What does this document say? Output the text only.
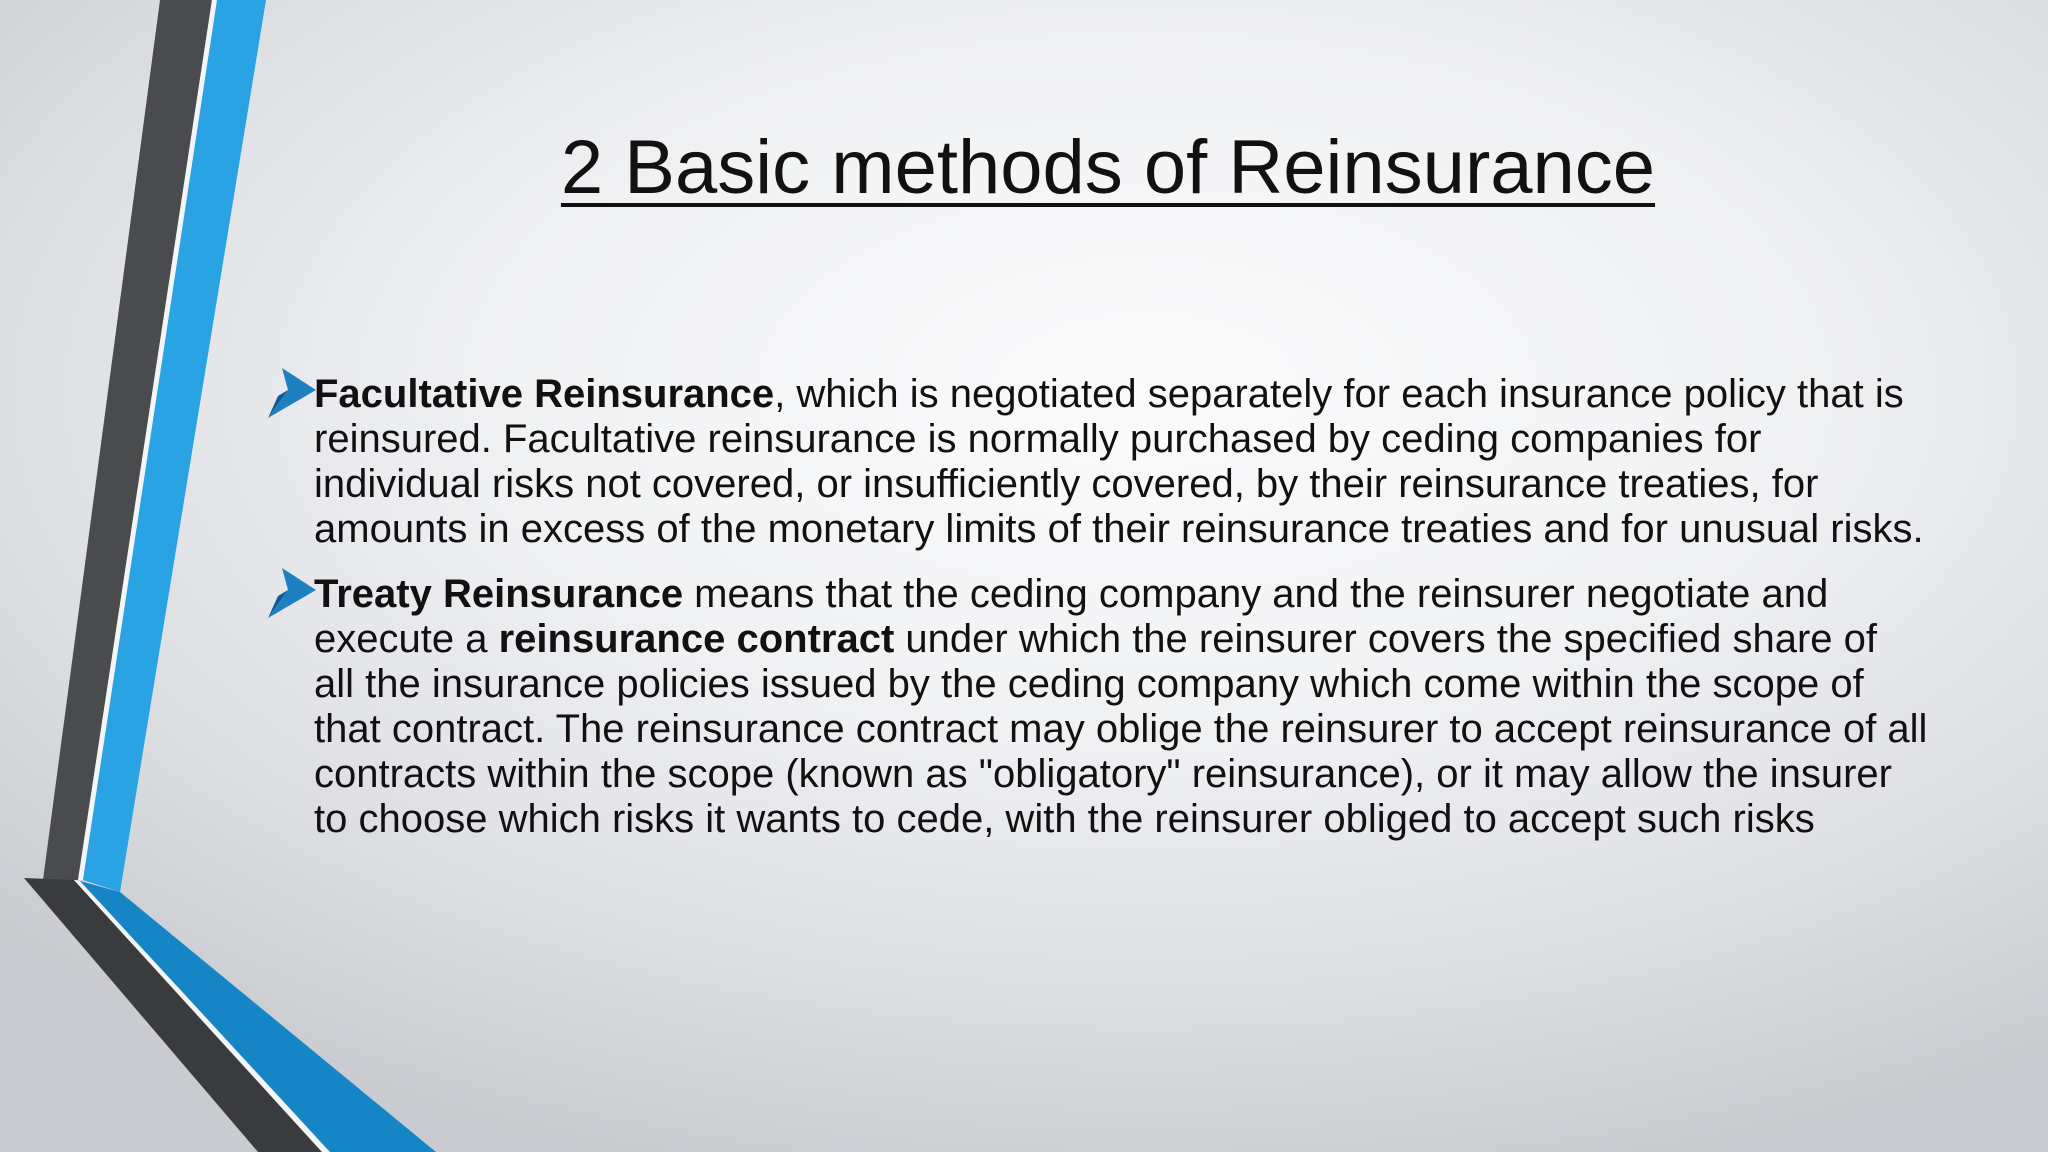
2 Basic methods of Reinsurance
Facultative Reinsurance, which is negotiated separately for each insurance policy that is reinsured. Facultative reinsurance is normally purchased by ceding companies for individual risks not covered, or insufficiently covered, by their reinsurance treaties, for amounts in excess of the monetary limits of their reinsurance treaties and for unusual risks.
Treaty Reinsurance means that the ceding company and the reinsurer negotiate and execute a reinsurance contract under which the reinsurer covers the specified share of all the insurance policies issued by the ceding company which come within the scope of that contract. The reinsurance contract may oblige the reinsurer to accept reinsurance of all contracts within the scope (known as "obligatory" reinsurance), or it may allow the insurer to choose which risks it wants to cede, with the reinsurer obliged to accept such risks
